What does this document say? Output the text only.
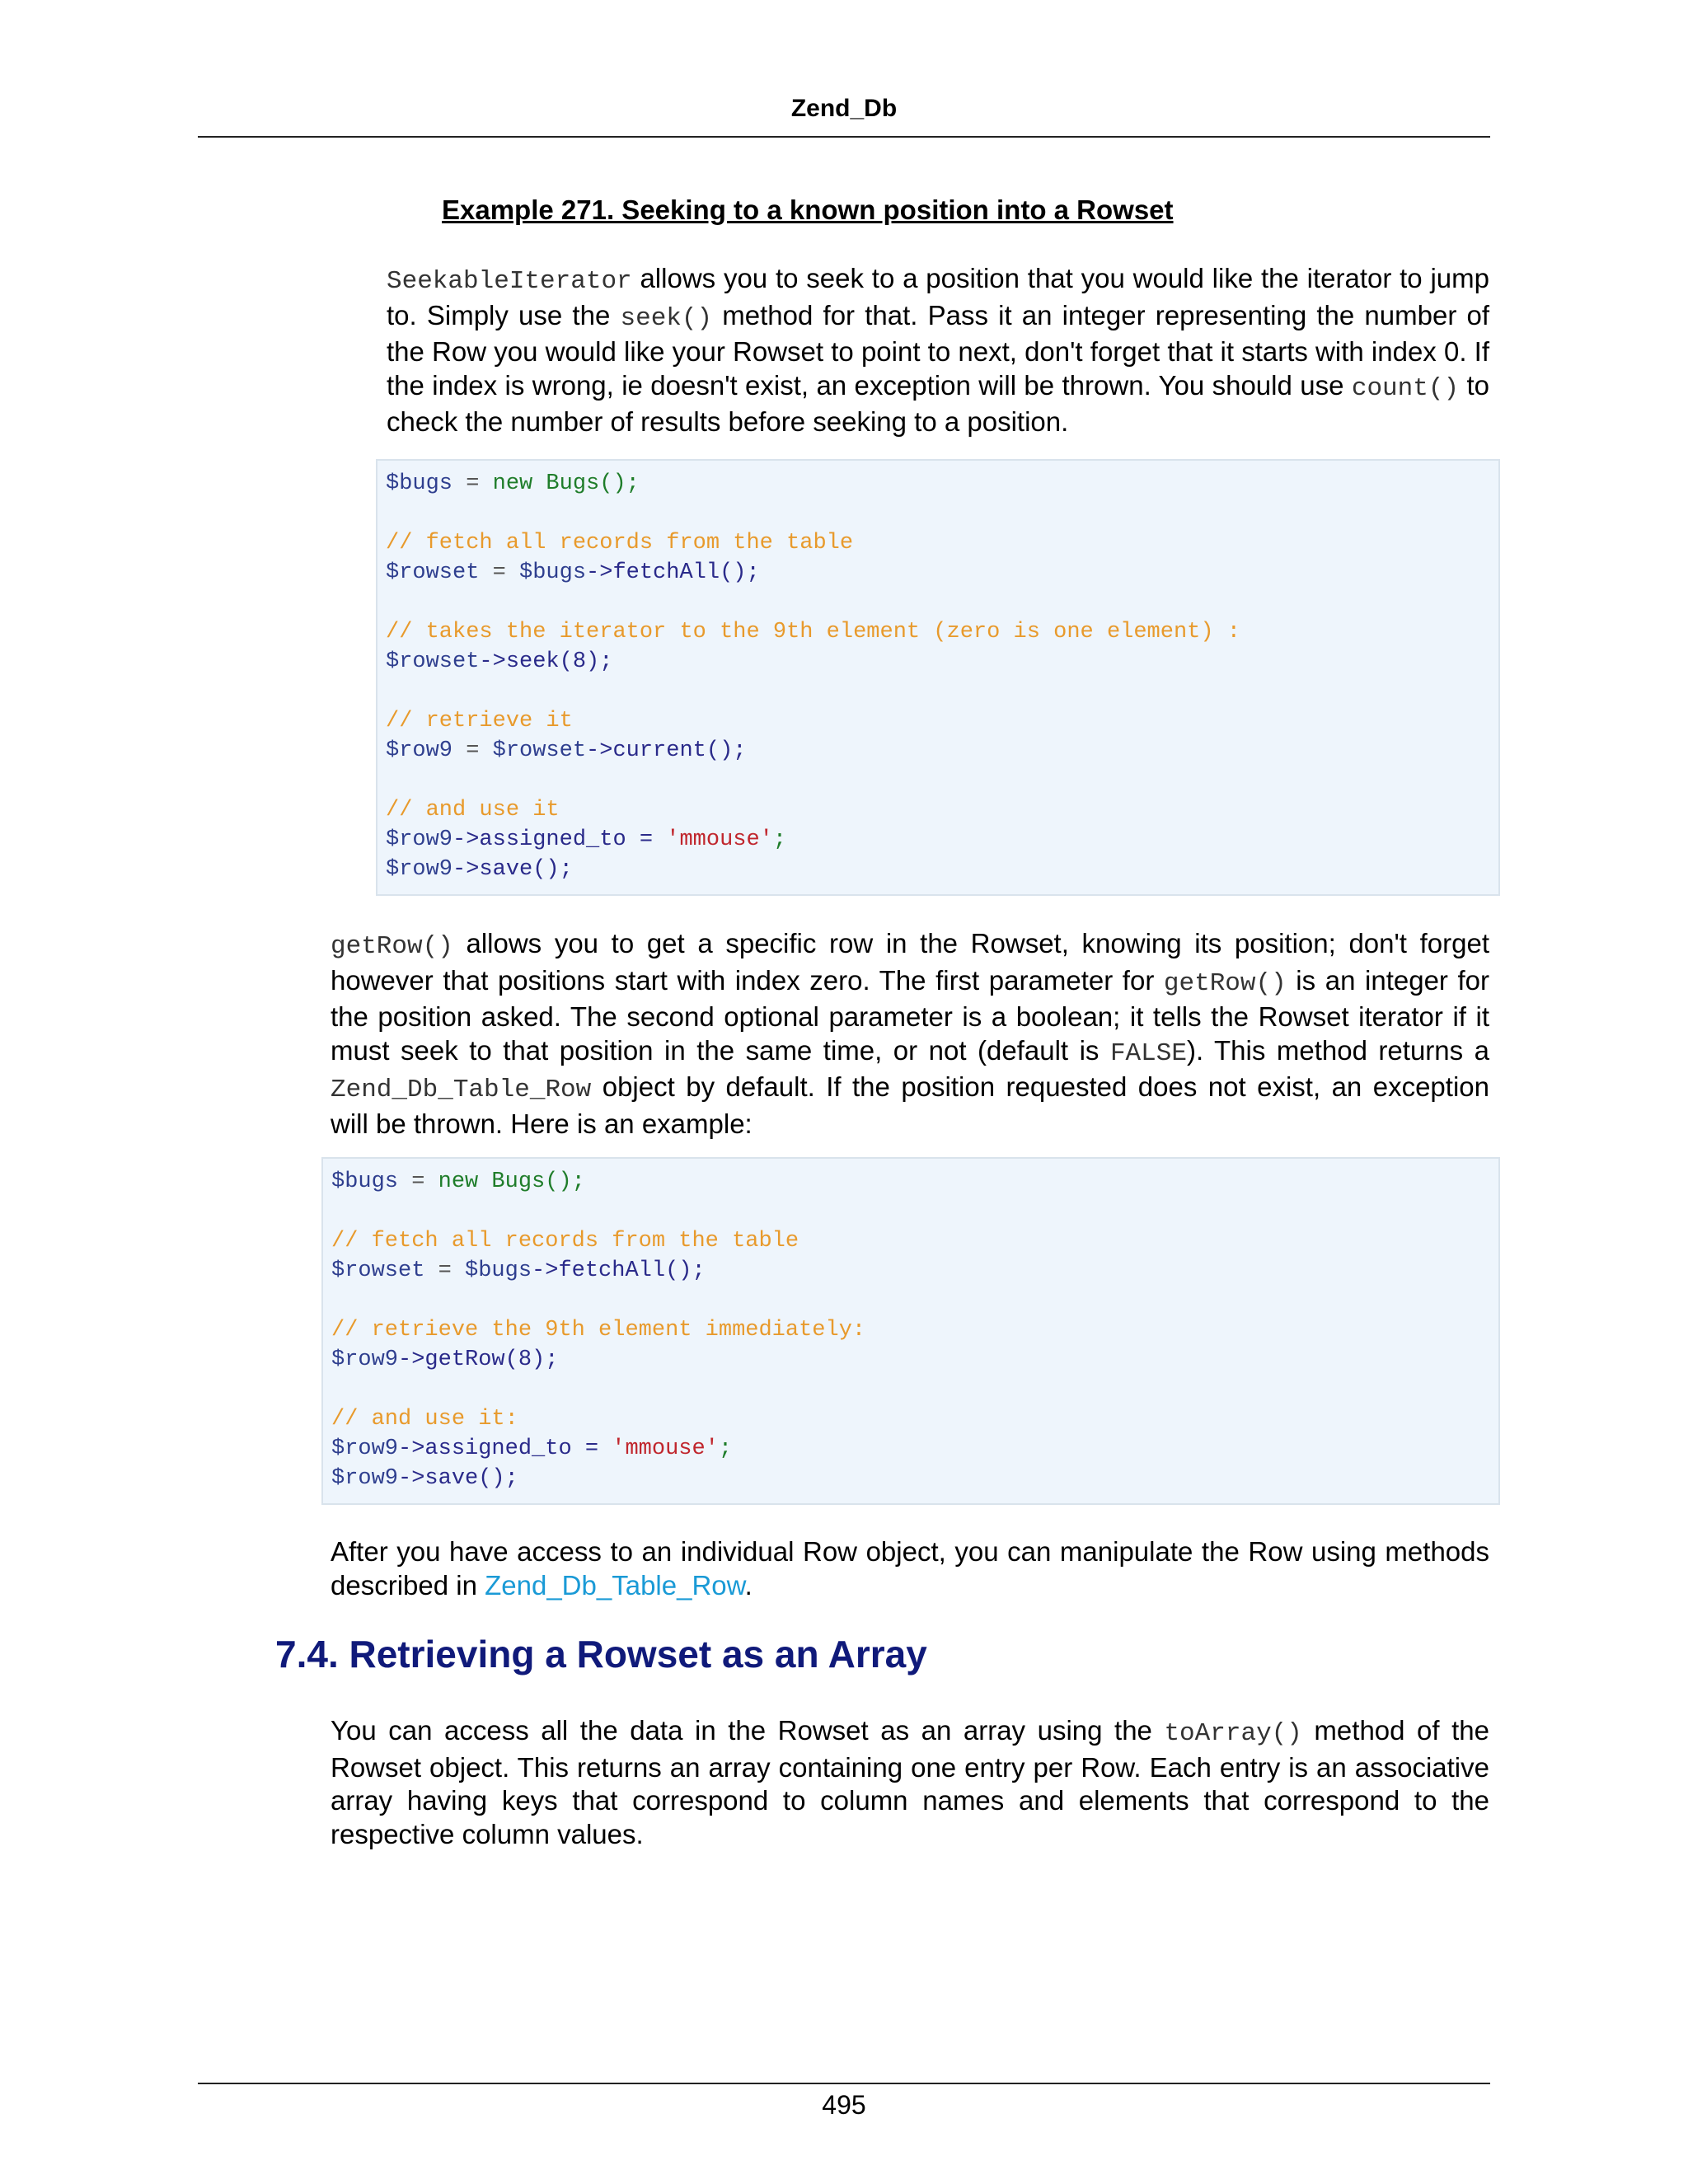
Zend_Db
Example 271. Seeking to a known position into a Rowset

SeekableIterator allows you to seek to a position that you would like the iterator to jump to. Simply use the seek() method for that. Pass it an integer representing the number of the Row you would like your Rowset to point to next, don't forget that it starts with index 0. If the index is wrong, ie doesn't exist, an exception will be thrown. You should use count() to check the number of results before seeking to a position.

$bugs = new Bugs();

// fetch all records from the table
$rowset = $bugs->fetchAll();

// takes the iterator to the 9th element (zero is one element) :
$rowset->seek(8);

// retrieve it
$row9 = $rowset->current();

// and use it
$row9->assigned_to = 'mmouse';
$row9->save();

getRow() allows you to get a specific row in the Rowset, knowing its position; don't forget however that positions start with index zero. The first parameter for getRow() is an integer for the position asked. The second optional parameter is a boolean; it tells the Rowset iterator if it must seek to that position in the same time, or not (default is FALSE). This method returns a Zend_Db_Table_Row object by default. If the position requested does not exist, an exception will be thrown. Here is an example:

$bugs = new Bugs();

// fetch all records from the table
$rowset = $bugs->fetchAll();

// retrieve the 9th element immediately:
$row9->getRow(8);

// and use it:
$row9->assigned_to = 'mmouse';
$row9->save();

After you have access to an individual Row object, you can manipulate the Row using methods described in Zend_Db_Table_Row.

7.4. Retrieving a Rowset as an Array

You can access all the data in the Rowset as an array using the toArray() method of the Rowset object. This returns an array containing one entry per Row. Each entry is an associative array having keys that correspond to column names and elements that correspond to the respective column values.

495
